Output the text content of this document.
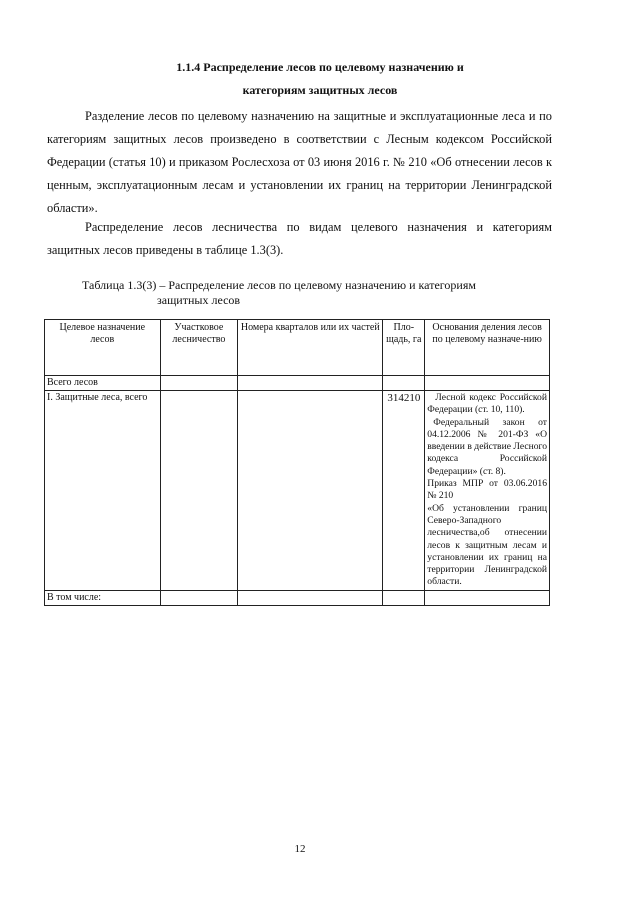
1.1.4 Распределение лесов по целевому назначению и
категориям защитных лесов

Разделение лесов по целевому назначению на защитные и эксплуатационные леса и по категориям защитных лесов произведено в соответствии с Лесным кодексом Российской Федерации (статья 10) и приказом Рослесхоза от 03 июня 2016 г. № 210 «Об отнесении лесов к ценным, эксплуатационным лесам и установлении их границ на территории Ленинградской области».

Распределение лесов лесничества по видам целевого назначения и категориям защитных лесов приведены в таблице 1.3(3).

Таблица 1.3(3) – Распределение лесов по целевому назначению и категориям
защитных лесов
Целевое назначение лесов	Участковое лесничество	Номера кварталов или их частей	Пло-щадь, га	Основания деления лесов по целевому назначе-нию
Всего лесов				
I. Защитные леса, всего			314210	Лесной кодекс Российской Федерации (ст. 10, 110).
Федеральный закон от 04.12.2006 № 201-ФЗ «О введении в действие Лесного кодекса Российской Федерации» (ст. 8).
Приказ МПР от 03.06.2016 № 210
«Об установлении границ Северо-Западного лесничества,об отнесении лесов к защитным лесам и установлении их границ на территории Ленинградской области.

В том числе:				
12
